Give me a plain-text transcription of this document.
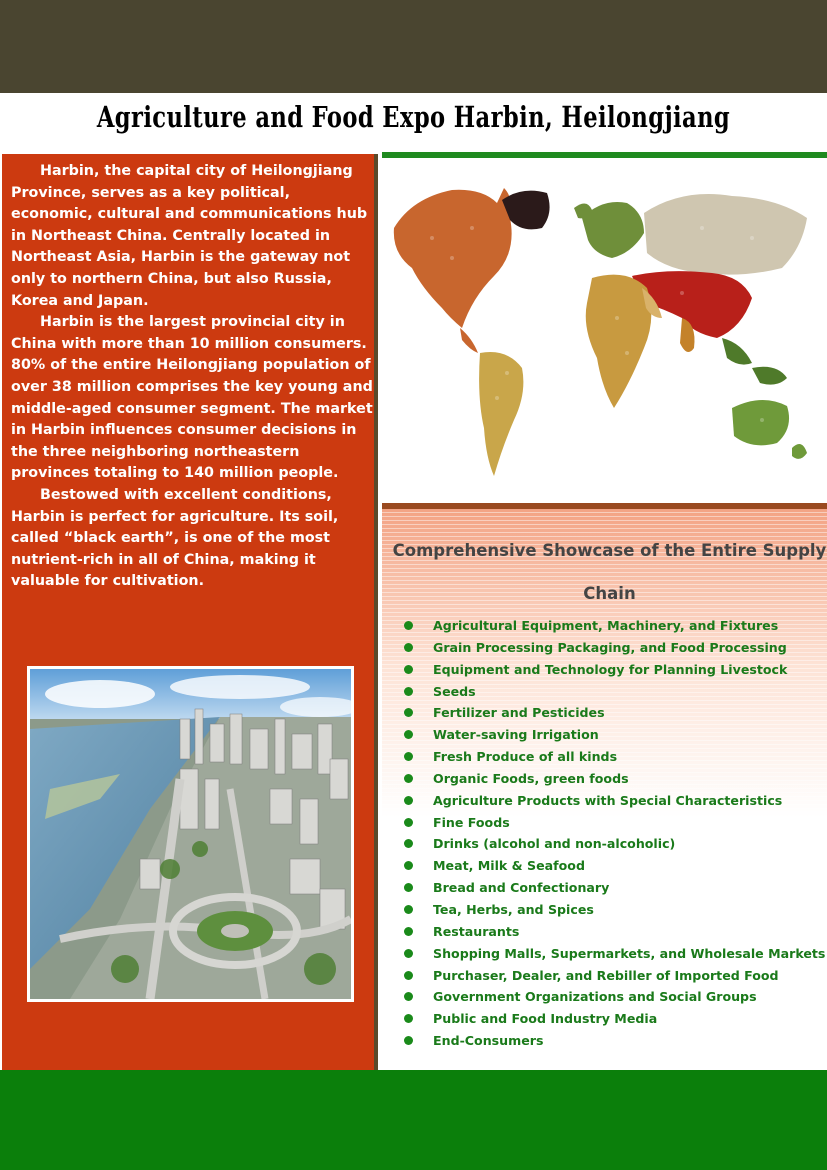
Agriculture and Food Expo Harbin, Heilongjiang

Harbin, the capital city of Heilongjiang Province, serves as a key political, economic, cultural and communications hub in Northeast China. Centrally located in Northeast Asia, Harbin is the gateway not only to northern China, but also Russia, Korea and Japan.

Harbin is the largest provincial city in China with more than 10 million consumers. 80% of the entire Heilongjiang population of over 38 million comprises the key young and middle-aged consumer segment. The market in Harbin influences consumer decisions in the three neighboring northeastern provinces totaling to 140 million people.

Bestowed with excellent conditions, Harbin is perfect for agriculture. Its soil, called “black earth”, is one of the most nutrient-rich in all of China, making it valuable for cultivation.

Comprehensive Showcase of the Entire Supply Chain
Agricultural Equipment, Machinery, and Fixtures
Grain Processing Packaging, and Food Processing
Equipment and Technology for Planning Livestock
Seeds
Fertilizer and Pesticides
Water-saving Irrigation
Fresh Produce of all kinds
Organic Foods, green foods
Agriculture Products with Special Characteristics
Fine Foods
Drinks (alcohol and non-alcoholic)
Meat, Milk & Seafood
Bread and Confectionary
Tea, Herbs, and Spices
Restaurants
Shopping Malls, Supermarkets, and Wholesale Markets
Purchaser, Dealer, and Rebiller of Imported Food
Government Organizations and Social Groups
Public and Food Industry Media
End-Consumers
